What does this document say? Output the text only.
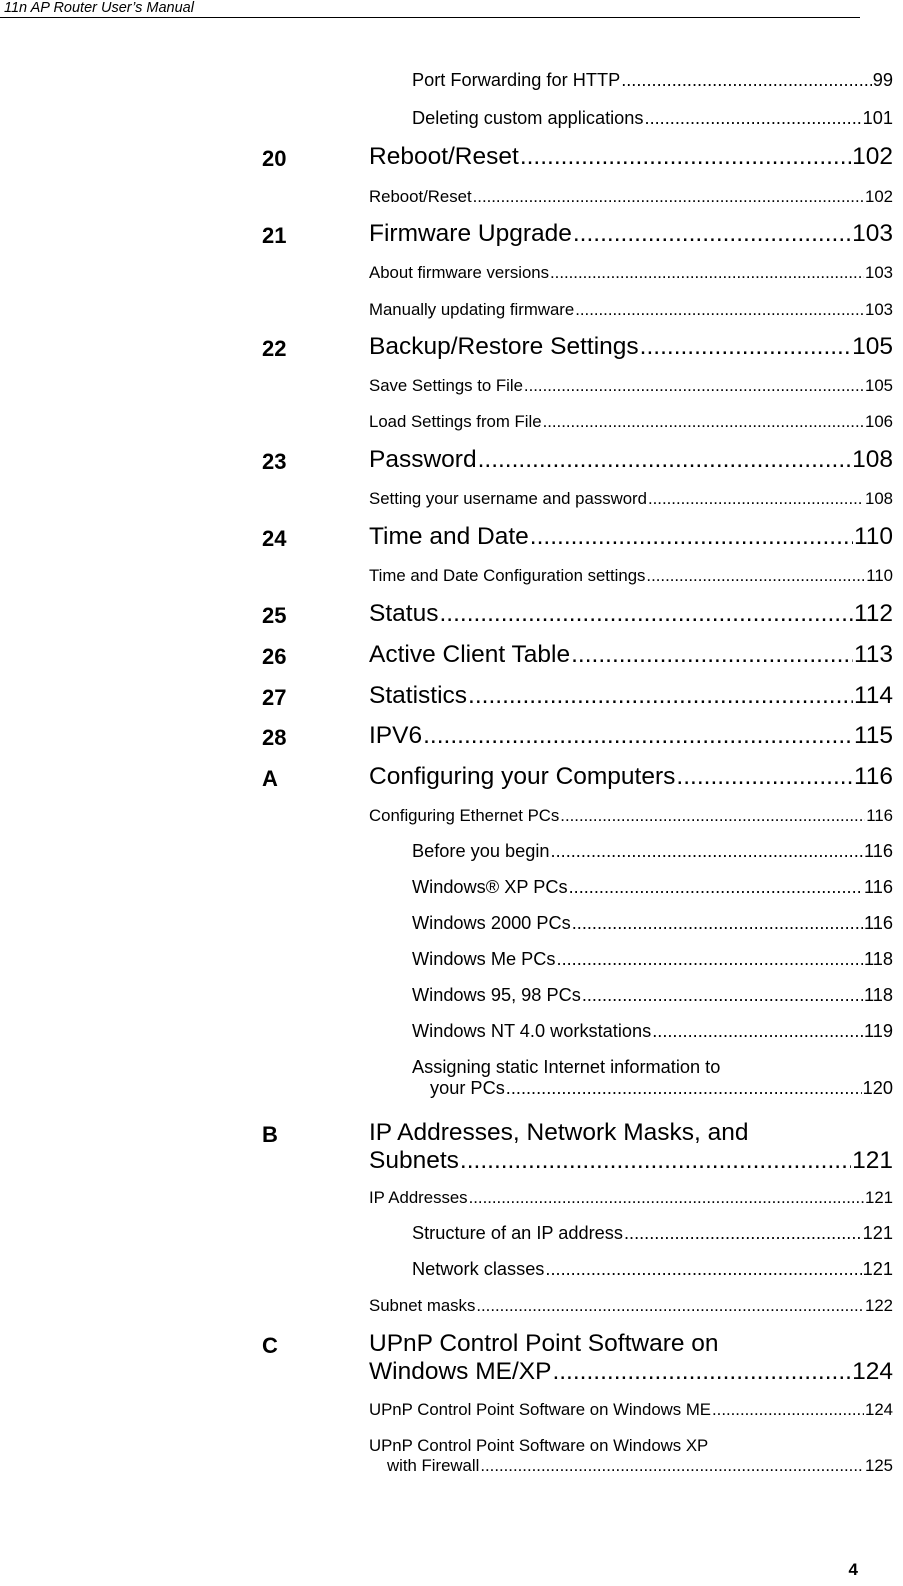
11n AP Router User’s Manual
Port Forwarding for HTTP .....	99
Deleting custom applications .....	101
20	Reboot/Reset .....	102
Reboot/Reset .....	102
21	Firmware Upgrade .....	103
About firmware versions .....	103
Manually updating firmware .....	103
22	Backup/Restore Settings .....	105
Save Settings to File .....	105
Load Settings from File .....	106
23	Password .....	108
Setting your username and password .....	108
24	Time and Date .....	110
Time and Date Configuration settings .....	110
25	Status .....	112
26	Active Client Table .....	113
27	Statistics .....	114
28	IPV6 .....	115
A	Configuring your Computers .....	116
Configuring Ethernet PCs .....	116
Before you begin .....	116
Windows® XP PCs .....	116
Windows 2000 PCs .....	116
Windows Me PCs .....	118
Windows 95, 98 PCs .....	118
Windows NT 4.0 workstations .....	119
Assigning static Internet information to
your PCs .....	120
B	IP Addresses, Network Masks, and
Subnets .....	121
IP Addresses .....	121
Structure of an IP address .....	121
Network classes .....	121
Subnet masks .....	122
C	UPnP Control Point Software on
Windows ME/XP .....	124
UPnP Control Point Software on Windows ME .....	124
UPnP Control Point Software on Windows XP
with Firewall .....	125
4
